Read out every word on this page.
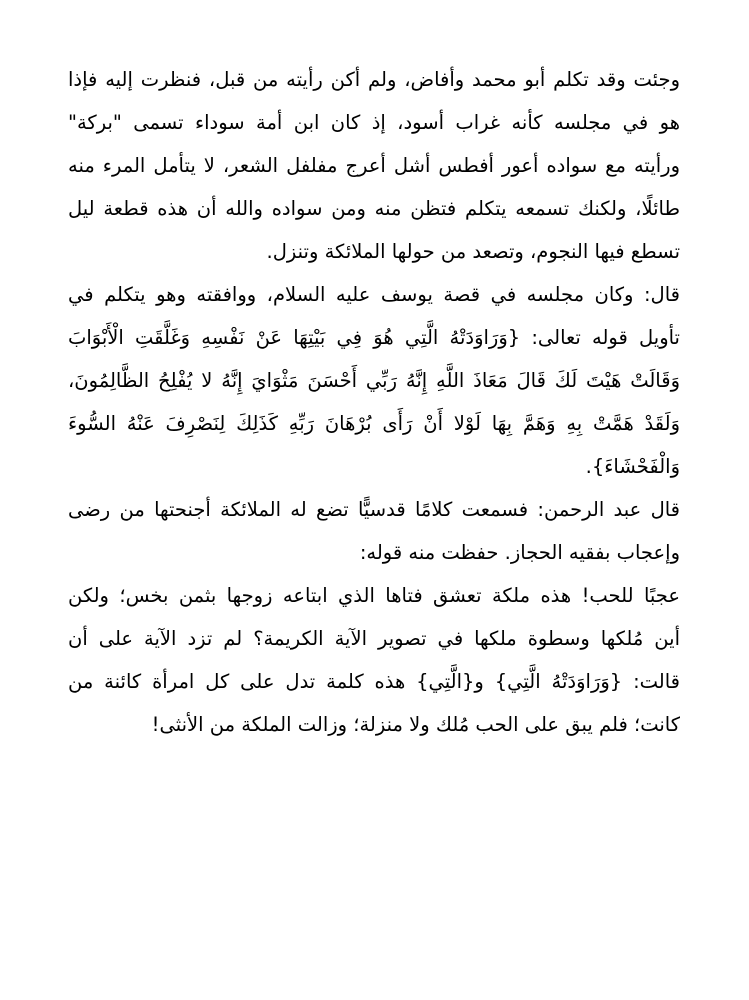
وجئت وقد تكلم أبو محمد وأفاض، ولم أكن رأيته من قبل، فنظرت إليه فإذا
هو في مجلسه كأنه غراب أسود، إذ كان ابن أمة سوداء تسمى "بركة"
ورأيته مع سواده أعور أفطس أشل أعرج مفلفل الشعر، لا يتأمل المرء منه
طائلًا، ولكنك تسمعه يتكلم فتظن منه ومن سواده والله أن هذه قطعة ليل
تسطع فيها النجوم، وتصعد من حولها الملائكة وتنزل.
قال: وكان مجلسه في قصة يوسف عليه السلام، ووافقته وهو يتكلم في
تأويل قوله تعالى: {وَرَاوَدَتْهُ الَّتِي هُوَ فِي بَيْتِهَا عَنْ نَفْسِهِ وَغَلَّقَتِ الْأَبْوَابَ
وَقَالَتْ هَيْتَ لَكَ قَالَ مَعَاذَ اللَّهِ إِنَّهُ رَبِّي أَحْسَنَ مَثْوَايَ إِنَّهُ لا يُفْلِحُ الظَّالِمُونَ،
وَلَقَدْ هَمَّتْ بِهِ وَهَمَّ بِهَا لَوْلا أَنْ رَأَى بُرْهَانَ رَبِّهِ كَذَلِكَ لِنَصْرِفَ عَنْهُ السُّوءَ
وَالْفَحْشَاءَ}.
قال عبد الرحمن: فسمعت كلامًا قدسيًّا تضع له الملائكة أجنحتها من رضى
وإعجاب بفقيه الحجاز. حفظت منه قوله:
عجبًا للحب! هذه ملكة تعشق فتاها الذي ابتاعه زوجها بثمن بخس؛ ولكن
أين مُلكها وسطوة ملكها في تصوير الآية الكريمة؟ لم تزد الآية على أن
قالت: {وَرَاوَدَتْهُ الَّتِي} و{الَّتِي} هذه كلمة تدل على كل امرأة كائنة من
كانت؛ فلم يبق على الحب مُلك ولا منزلة؛ وزالت الملكة من الأنثى!
